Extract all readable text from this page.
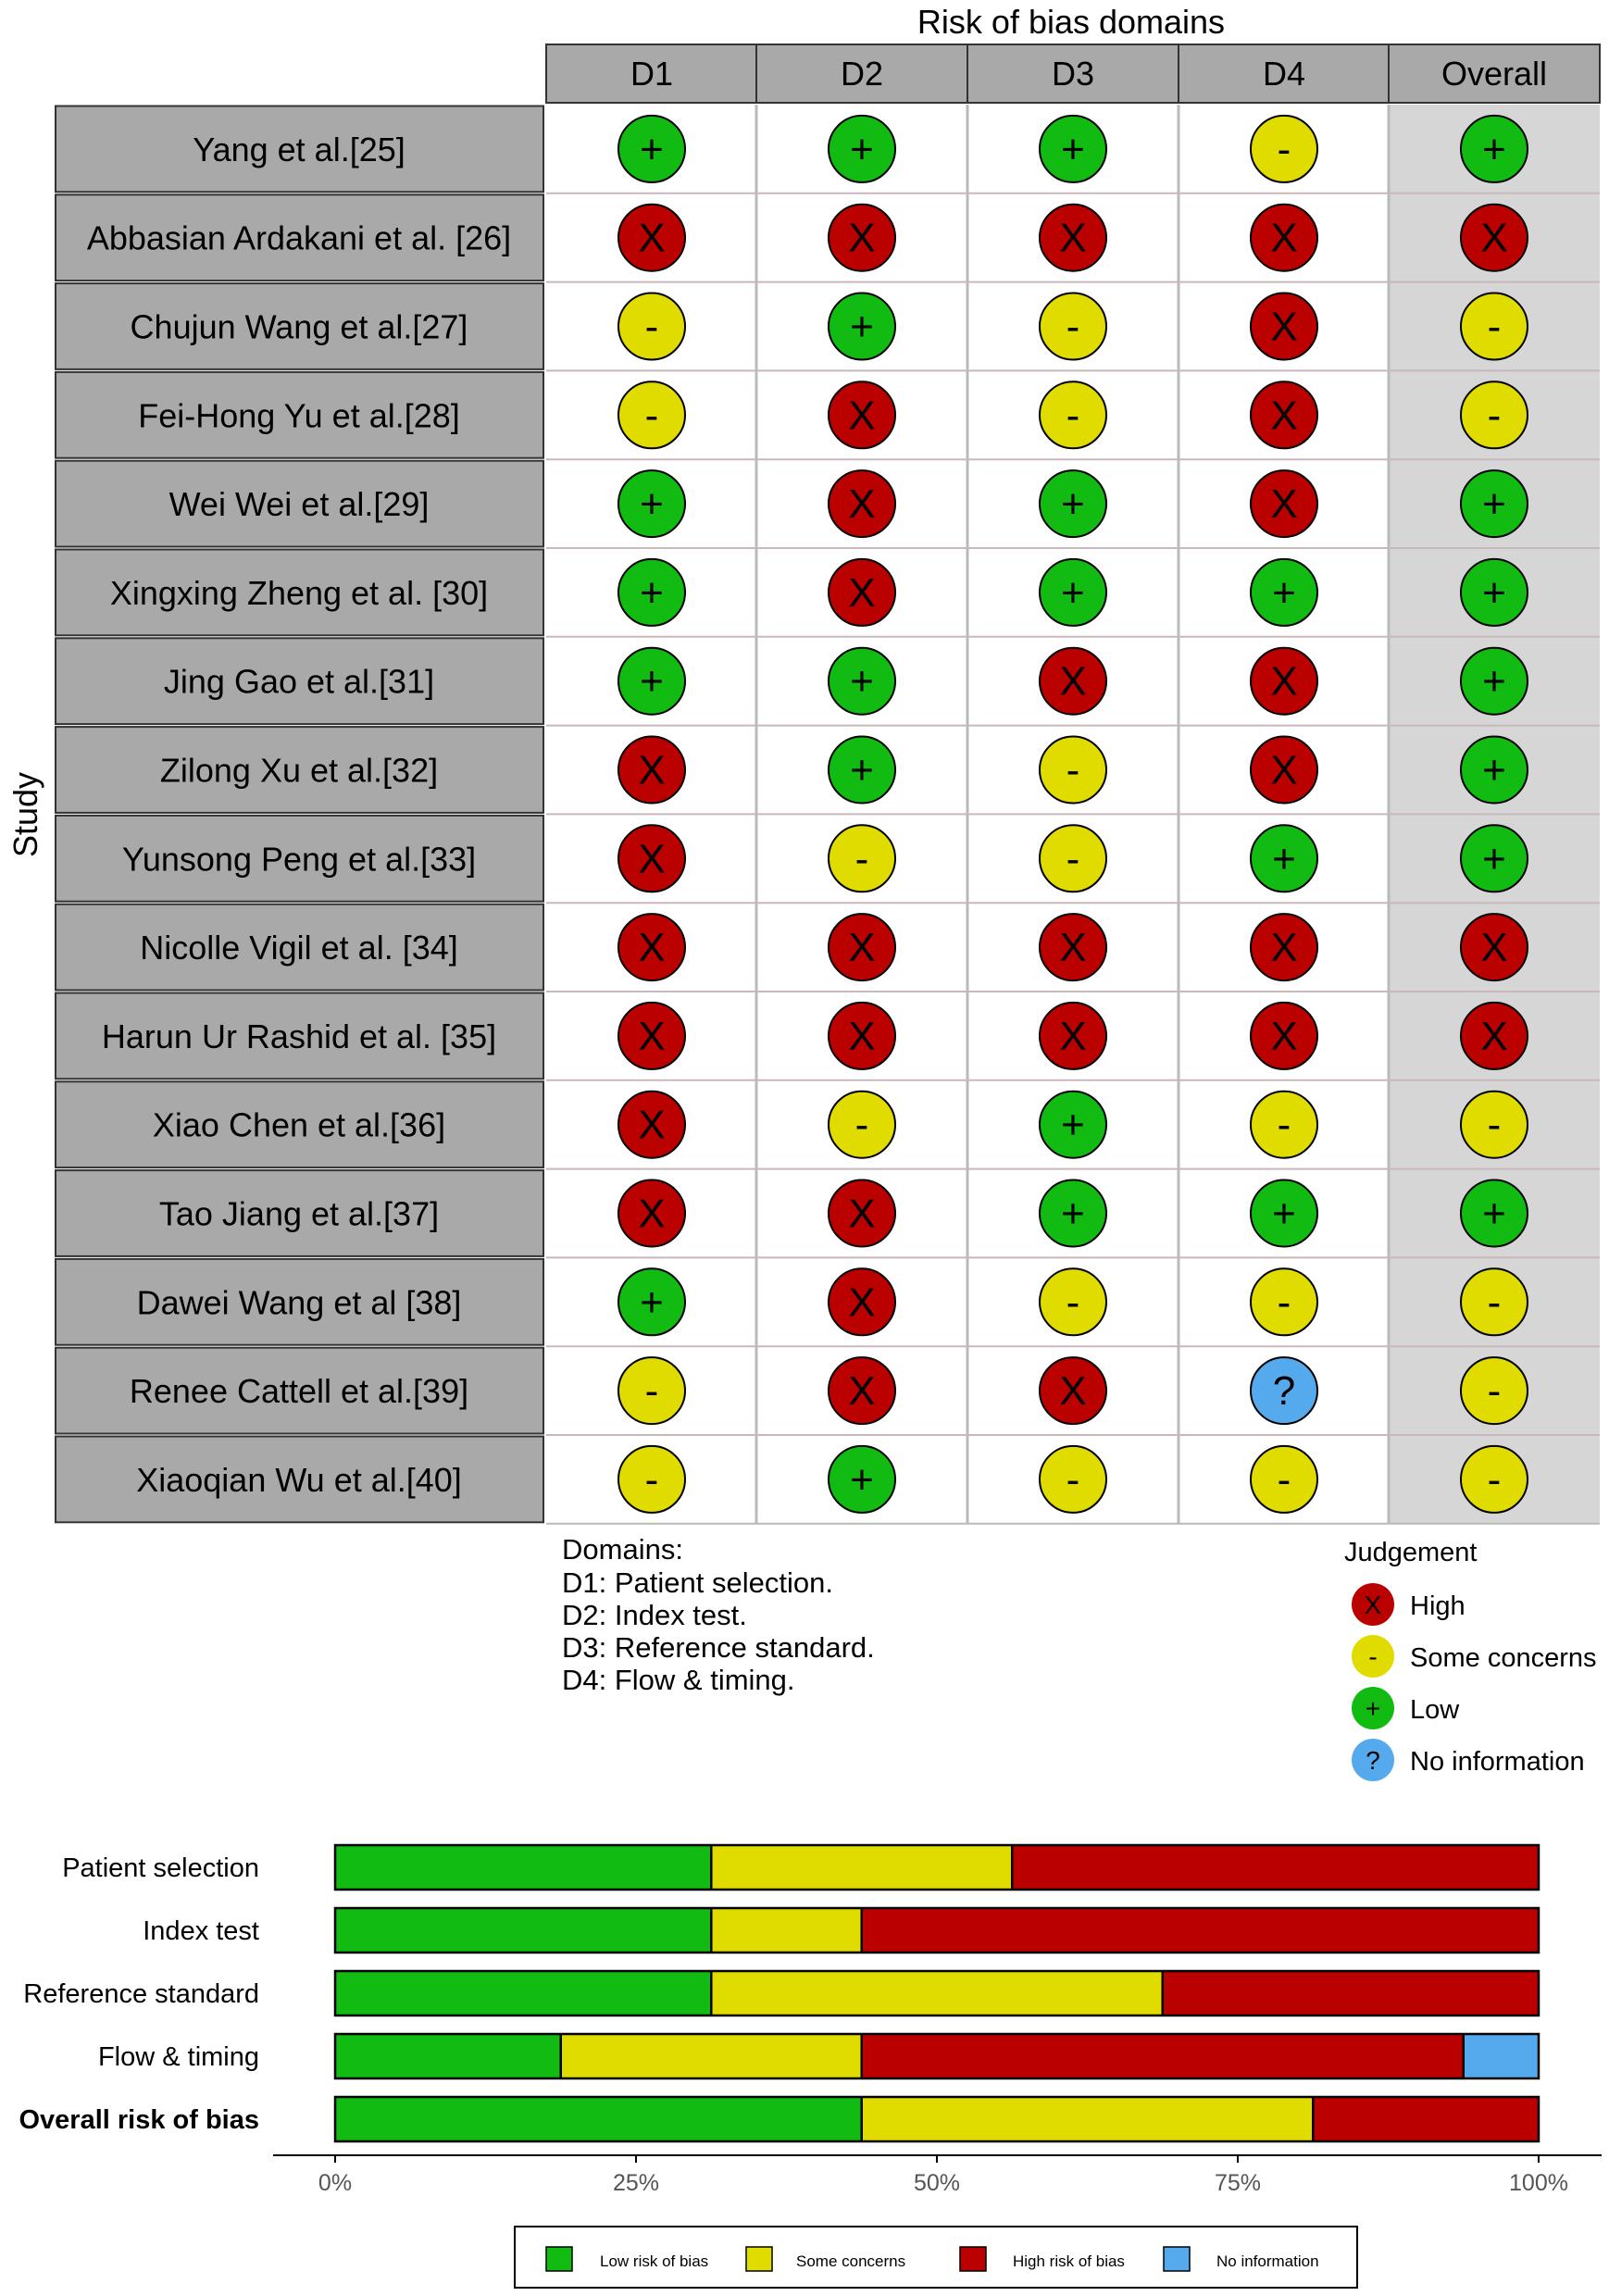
Risk of bias domains
D1	D2	D3	D4	Overall
Yang et al.[25]	+	+	+	-	+
Abbasian Ardakani et al. [26]	X	X	X	X	X
Chujun Wang et al.[27]	-	+	-	X	-
Fei-Hong Yu et al.[28]	-	X	-	X	-
Wei Wei et al.[29]	+	X	+	X	+
Xingxing Zheng et al. [30]	+	X	+	+	+
Jing Gao et al.[31]	+	+	X	X	+
Zilong Xu et al.[32]	X	+	-	X	+
Yunsong Peng et al.[33]	X	-	-	+	+
Nicolle Vigil et al. [34]	X	X	X	X	X
Harun Ur Rashid et al. [35]	X	X	X	X	X
Xiao Chen et al.[36]	X	-	+	-	-
Tao Jiang et al.[37]	X	X	+	+	+
Dawei Wang et al [38]	+	X	-	-	-
Renee Cattell et al.[39]	-	X	X	?	-
Xiaoqian Wu et al.[40]	-	+	-	-	-
Study
Domains:
D1: Patient selection.
D2: Index test.
D3: Reference standard.
D4: Flow & timing.
Judgement
X High
- Some concerns
+ Low
? No information
Patient selection
Index test
Reference standard
Flow & timing
Overall risk of bias
0%	25%	50%	75%	100%
Low risk of bias	Some concerns	High risk of bias	No information
